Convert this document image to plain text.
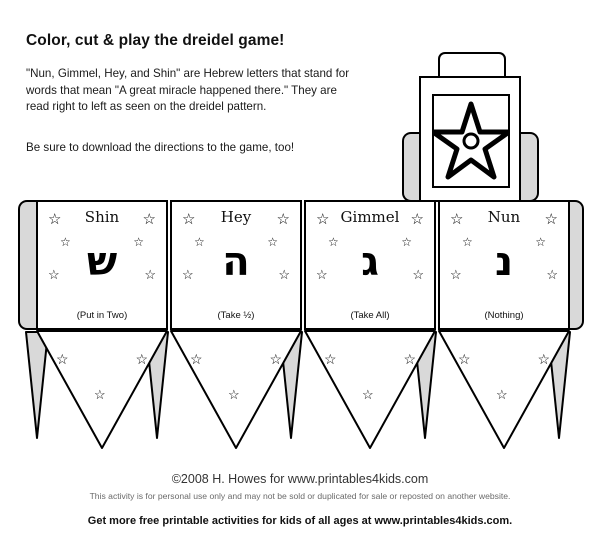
Color, cut & play the dreidel game!
"Nun, Gimmel, Hey, and Shin" are Hebrew letters that stand for words that mean "A great miracle happened there." They are read right to left as seen on the dreidel pattern.
Be sure to download the directions to the game, too!
Shin
☆	☆
☆	☆
☆	☆
ש
(Put in Two)
Hey
☆	☆
☆	☆
☆	☆
ה
(Take ½)
Gimmel
☆	☆
☆	☆
☆	☆
ג
(Take All)
Nun
☆	☆
☆	☆
☆	☆
נ
(Nothing)
☆	☆
☆
☆	☆
☆
☆	☆
☆
☆	☆
☆
©2008 H. Howes for www.printables4kids.com
This activity is for personal use only and may not be sold or duplicated for sale or reposted on another website.
Get more free printable activities for kids of all ages at www.printables4kids.com.
